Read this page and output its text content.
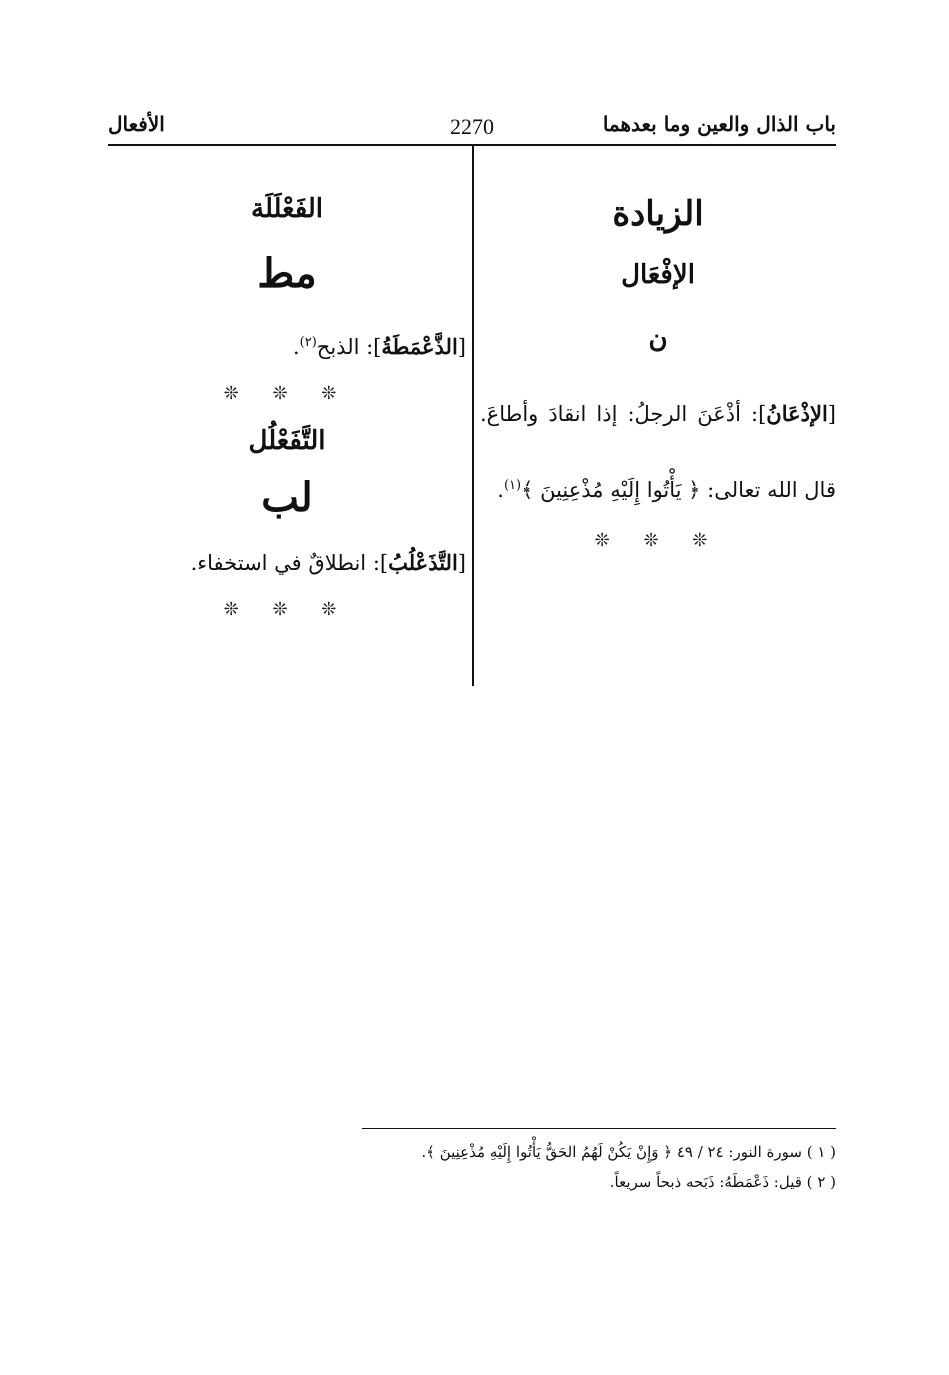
باب الذال والعين وما بعدهما
2270
الأفعال

الزيادة

الإفْعَال

ن

[الإذْعَانُ]: أذْعَنَ الرجلُ: إذا انقادَ وأطاعَ. قال الله تعالى: ﴿ يَأْتُوا إِلَيْهِ مُذْعِنِينَ ﴾$^{(١)}$.

❊ ❊ ❊

الفَعْلَلَة

مط

[الذَّعْمَطَةُ]: الذبح$^{(٢)}$.

❊ ❊ ❊

التَّفَعْلُل

لب

[التَّذَعْلُبُ]: انطلاقٌ في استخفاء.

❊ ❊ ❊

( ١ ) سورة النور: ٢٤ / ٤٩ ﴿ وَإِنْ يَكُنْ لَهُمُ الحَقُّ يَأْتُوا إِلَيْهِ مُذْعِنِينَ ﴾.

( ٢ ) قيل: ذَعْمَطَهُ: ذَبَحه ذبحاً سريعاً.
